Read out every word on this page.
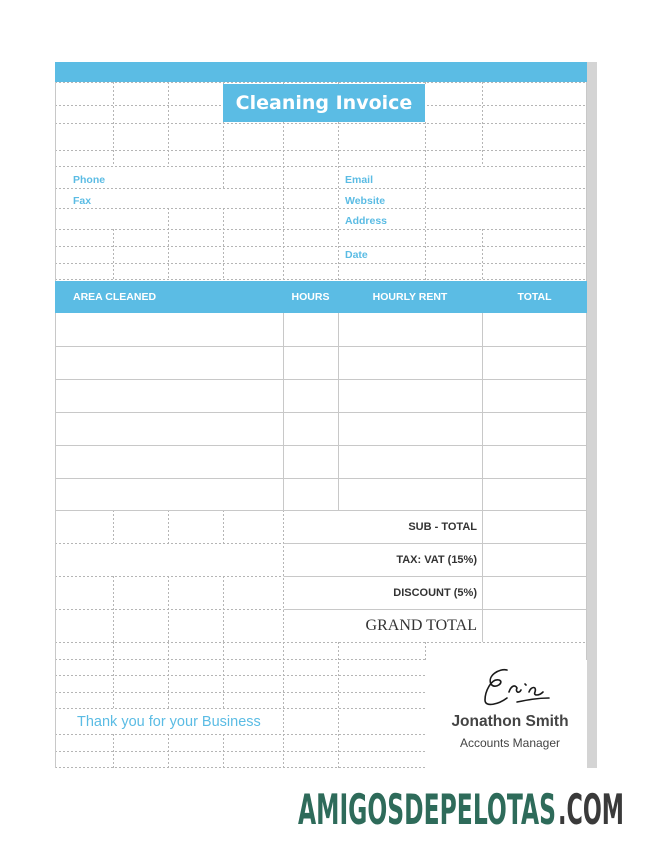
Cleaning Invoice
Phone
Fax
Email
Website
Address
Date
AREA CLEANED	HOURS	HOURLY RENT	TOTAL
SUB - TOTAL
TAX: VAT (15%)
DISCOUNT (5%)
GRAND TOTAL
Thank you for your Business	Jonathon Smith
Accounts Manager
AMIGOSDEPELOTAS .COM
